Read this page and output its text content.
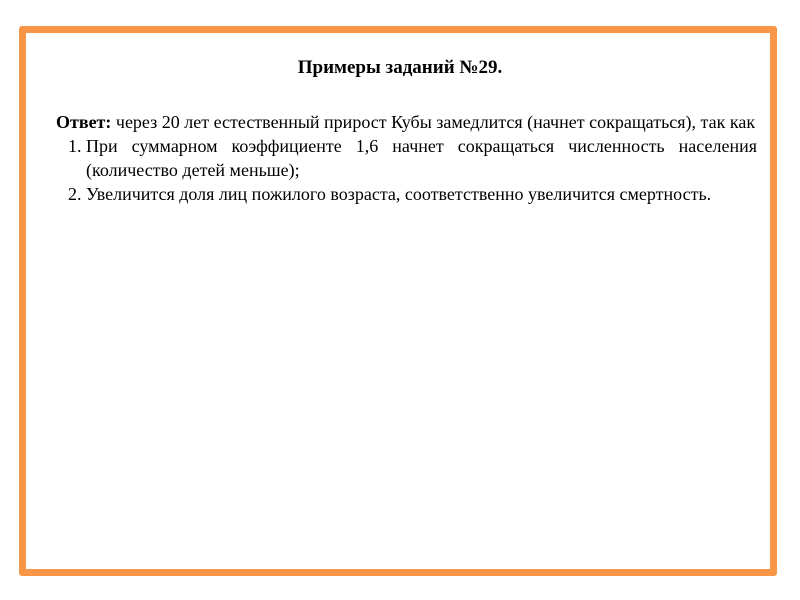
Примеры заданий №29.

Ответ: через 20 лет естественный прирост Кубы замедлится (начнет сокращаться), так как

1. При суммарном коэффициенте 1,6 начнет сокращаться численность населения (количество детей меньше);
2. Увеличится доля лиц пожилого возраста, соответственно увеличится смертность.
